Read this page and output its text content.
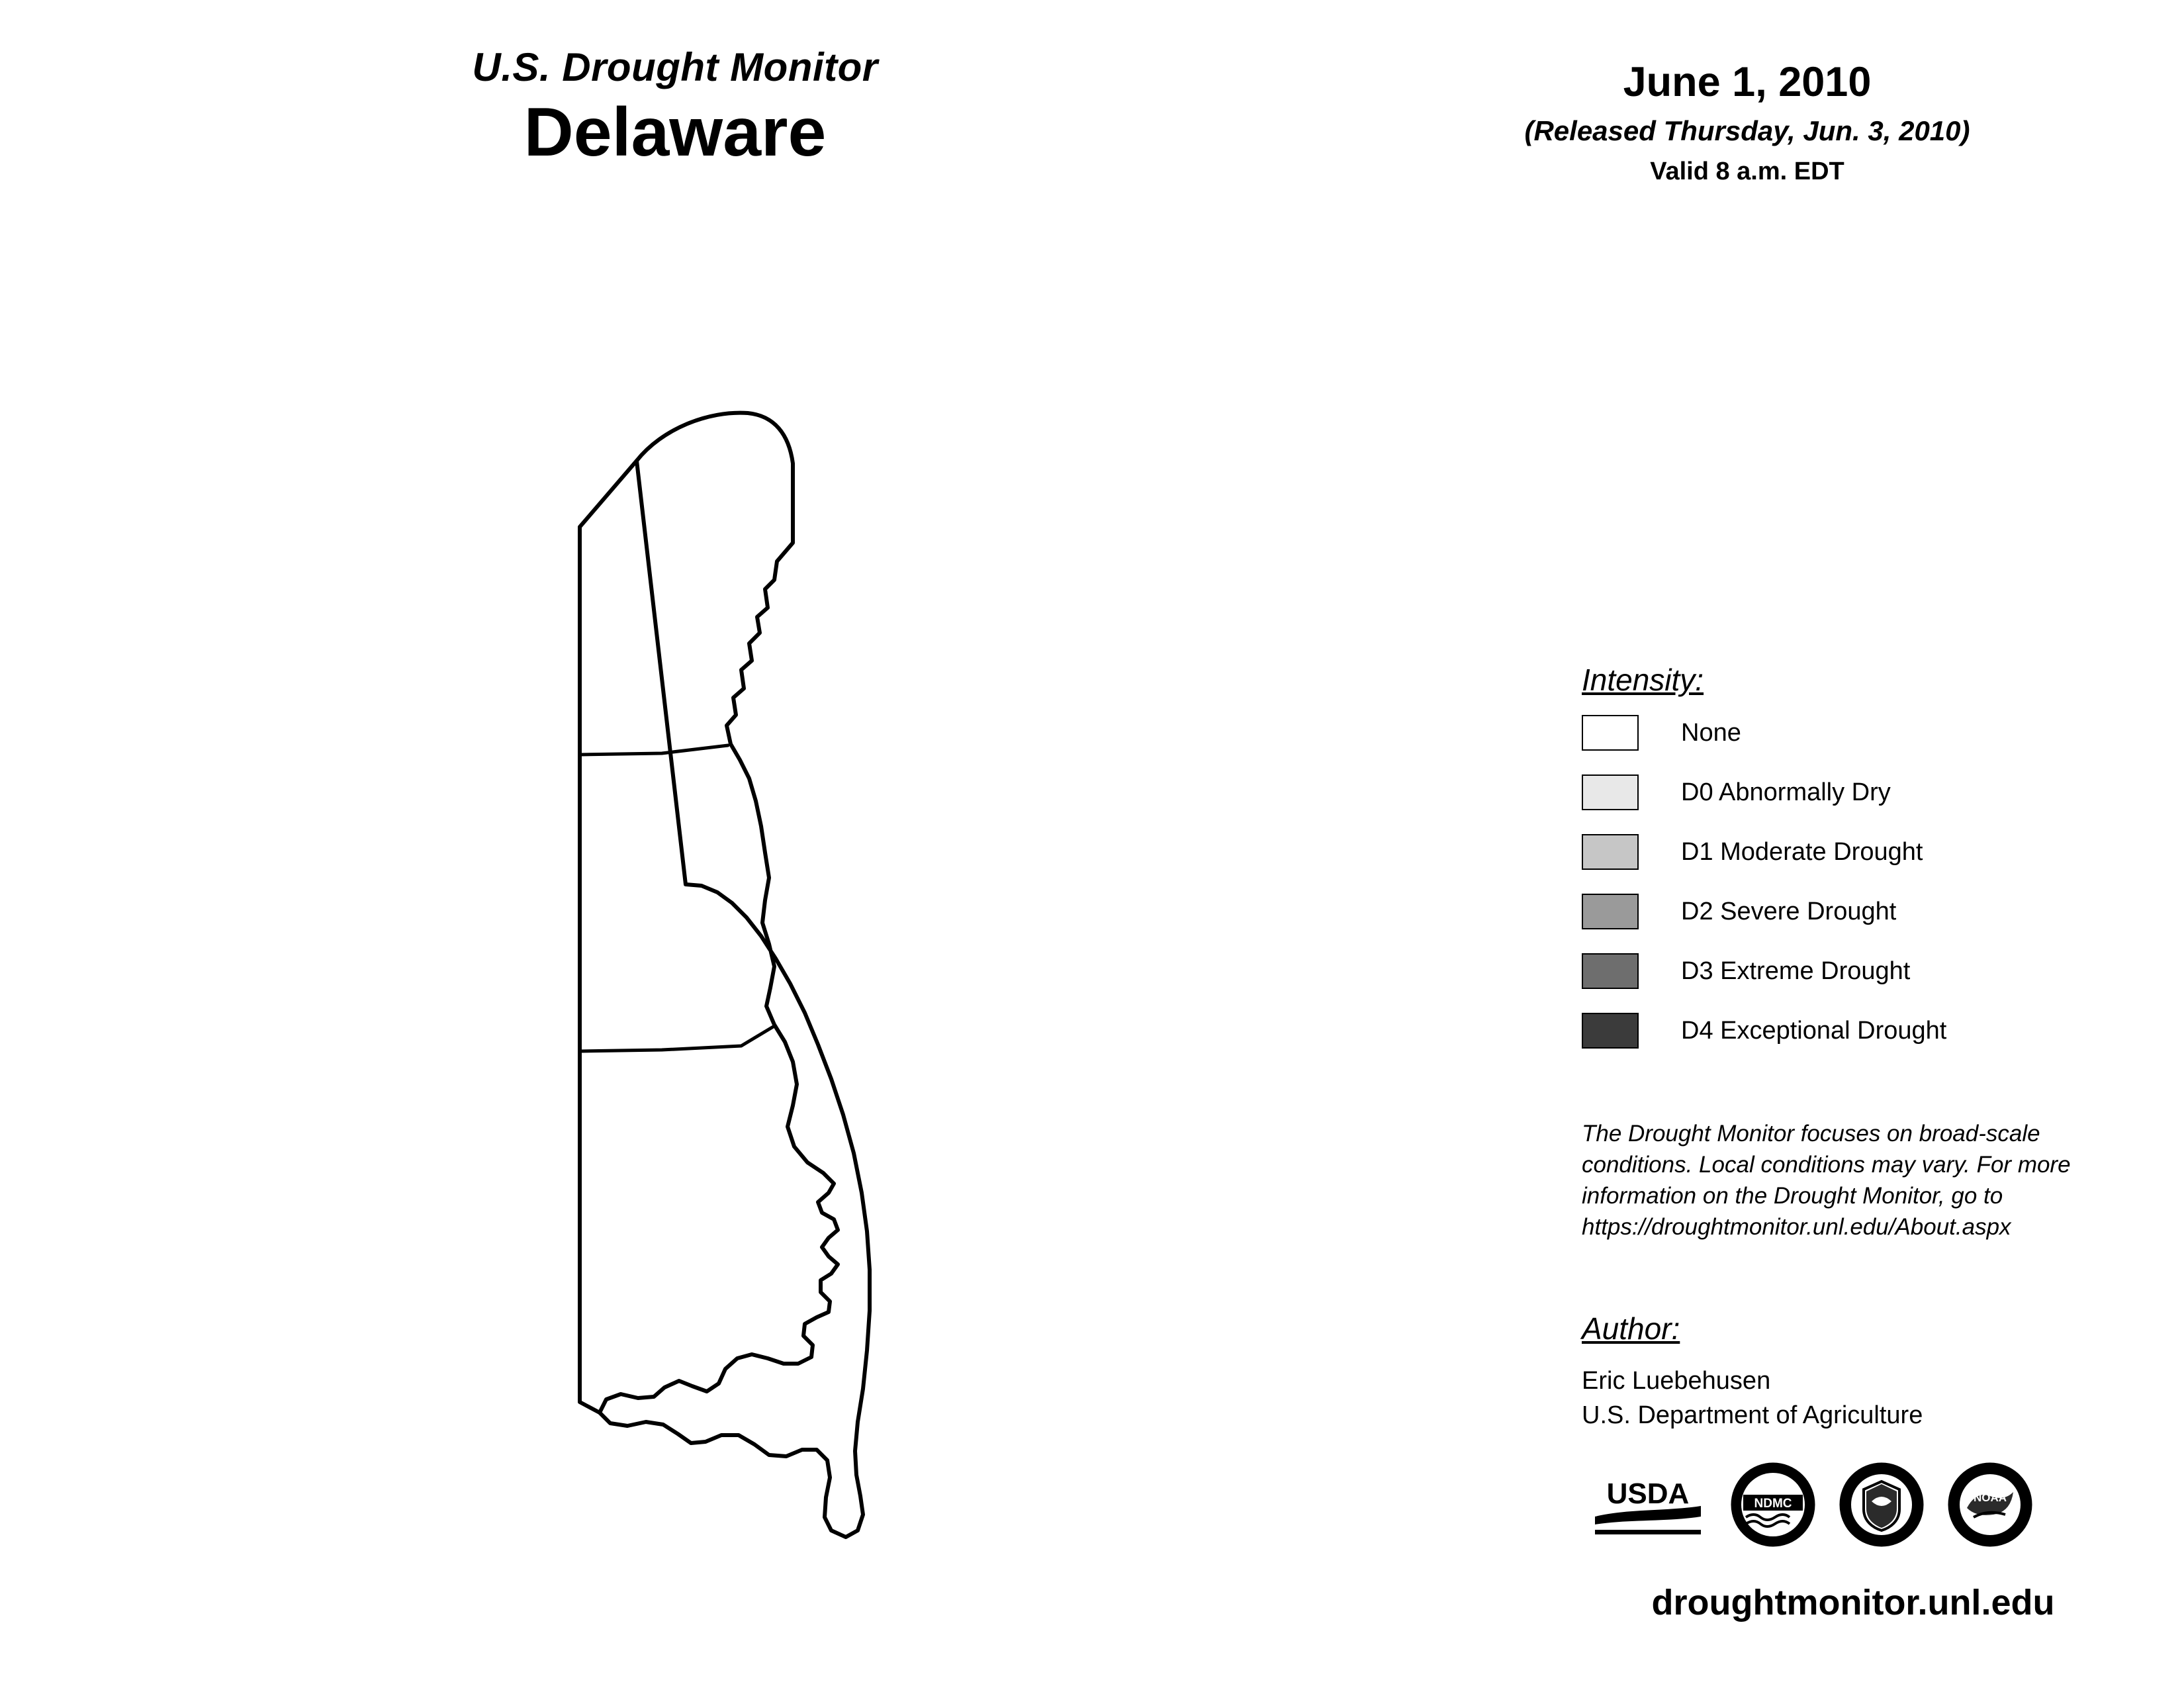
U.S. Drought Monitor
Delaware
June 1, 2010
(Released Thursday, Jun. 3, 2010)
Valid 8 a.m. EDT
Intensity:
None
D0 Abnormally Dry
D1 Moderate Drought
D2 Severe Drought
D3 Extreme Drought
D4 Exceptional Drought
The Drought Monitor focuses on broad-scale conditions. Local conditions may vary. For more information on the Drought Monitor, go to https://droughtmonitor.unl.edu/About.aspx
Author:
Eric Luebehusen
U.S. Department of Agriculture
USDA	NDMC	NOAA
droughtmonitor.unl.edu
